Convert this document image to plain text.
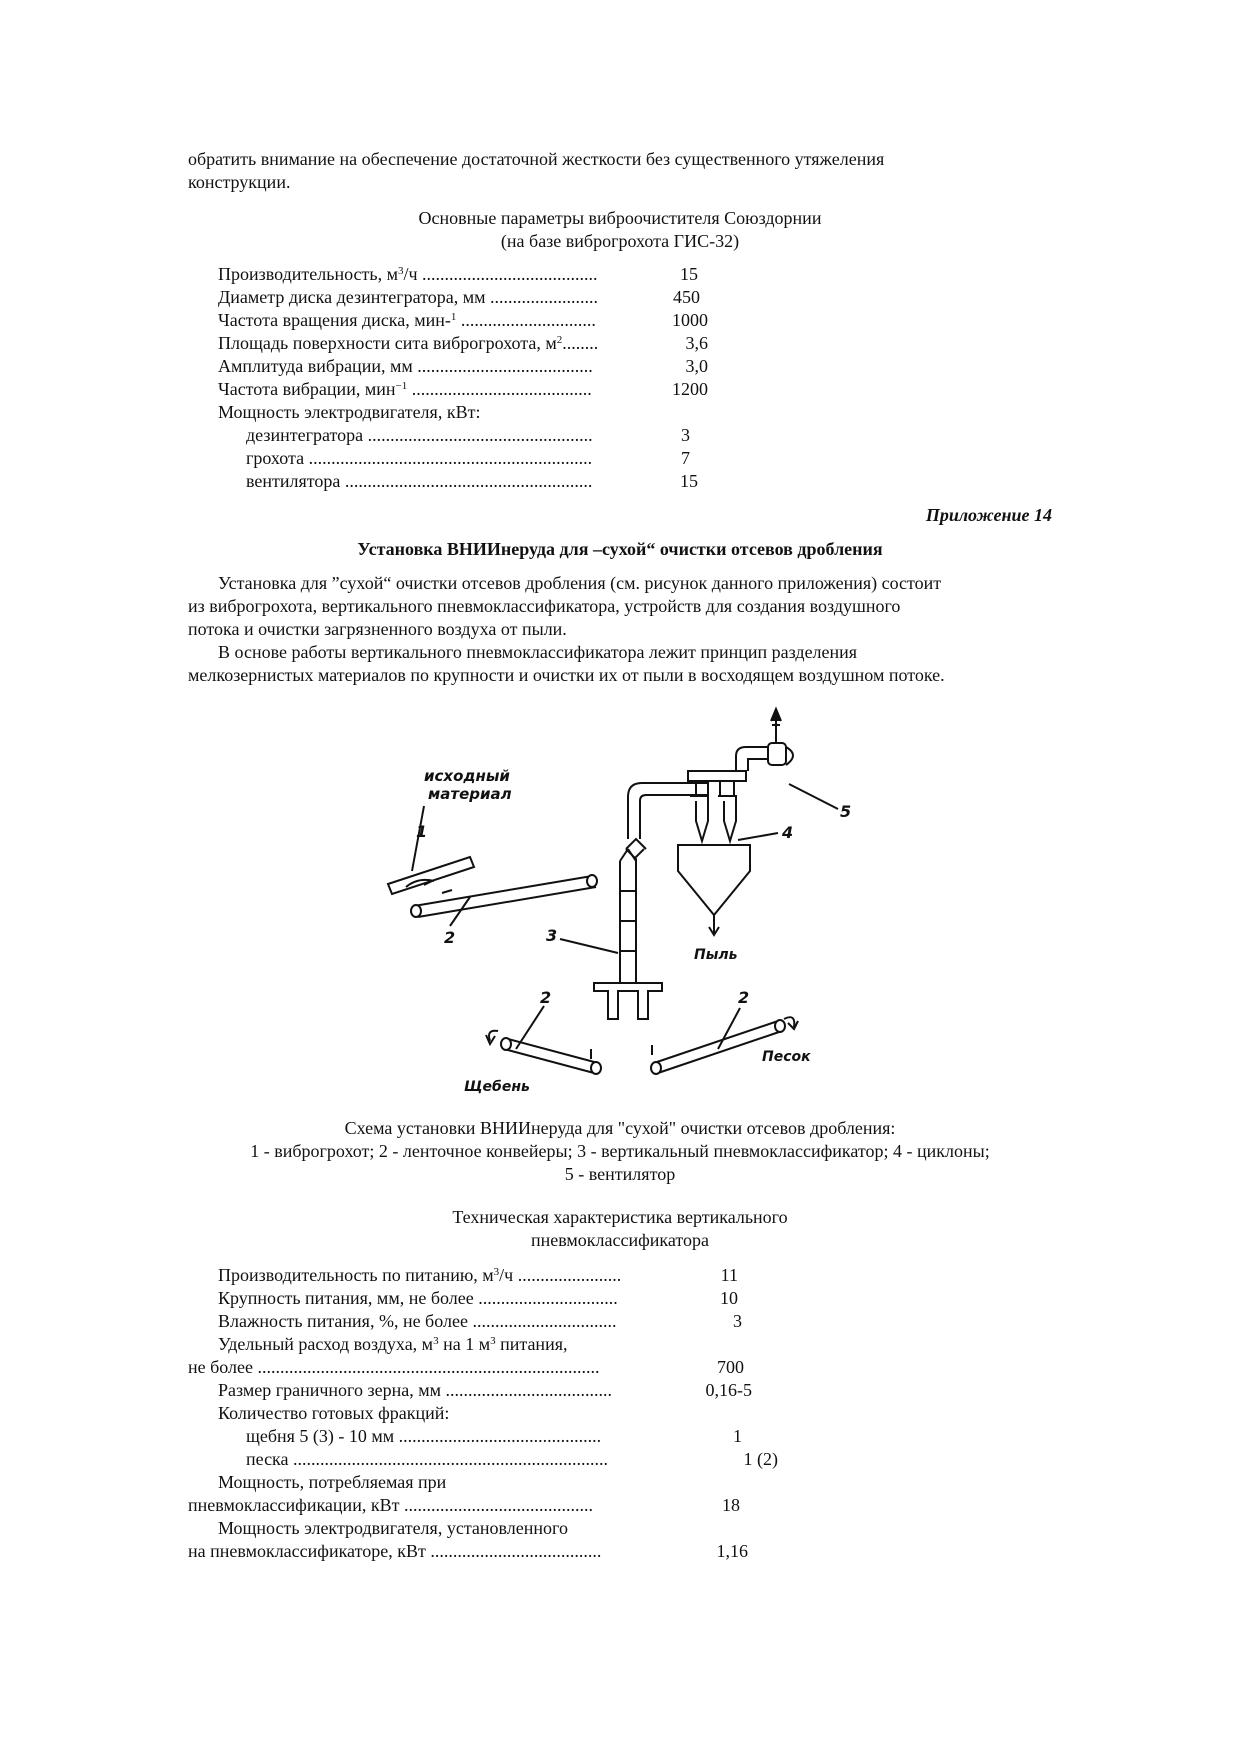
обратить внимание на обеспечение достаточной жесткости без существенного утяжеления

конструкции.

Основные параметры виброочистителя Союздорнии

(на базе виброгрохота ГИС-32)

Производительность, $м^3/ч$ .......................................	15
Диаметр диска дезинтегратора, мм ........................	450
Частота вращения диска, мин-$^1$ ..............................	1000
Площадь поверхности сита виброгрохота, $м^2$........	3,6
Амплитуда вибрации, мм .......................................	3,0
Частота вибрации, мин$^{-1}$ ........................................	1200
Мощность электродвигателя, кВт:
дезинтегратора ..................................................	3
грохота ...............................................................	7
вентилятора .......................................................	15

Приложение 14

Установка ВНИИнеруда для ‒сухой“ очистки отсевов дробления

Установка для ”сухой“ очистки отсевов дробления (см. рисунок данного приложения) состоит

из виброгрохота, вертикального пневмоклассификатора, устройств для создания воздушного

потока и очистки загрязненного воздуха от пыли.

В основе работы вертикального пневмоклассификатора лежит принцип разделения

мелкозернистых материалов по крупности и очистки их от пыли в восходящем воздушном потоке.

исходный
материал
1
2	3
4
5
2	2
Пыль
Щебень
Песок

Схема установки ВНИИнеруда для "сухой" очистки отсевов дробления:

1 - виброгрохот; 2 - ленточное конвейеры; 3 - вертикальный пневмоклассификатор; 4 - циклоны;

5 - вентилятор

Техническая характеристика вертикального

пневмоклассификатора

Производительность по питанию, $м^3/ч$ .......................	11
Крупность питания, мм, не более ...............................	10
Влажность питания, %, не более ................................	3
Удельный расход воздуха, $м^3$ на 1 $м^3$ питания,
не более ............................................................................	700
Размер граничного зерна, мм .....................................	0,16-5
Количество готовых фракций:
щебня 5 (3) - 10 мм .............................................	1
песка ......................................................................	1 (2)
Мощность, потребляемая при
пневмоклассификации, кВт ..........................................	18
Мощность электродвигателя, установленного
на пневмоклассификаторе, кВт ......................................	1,16
